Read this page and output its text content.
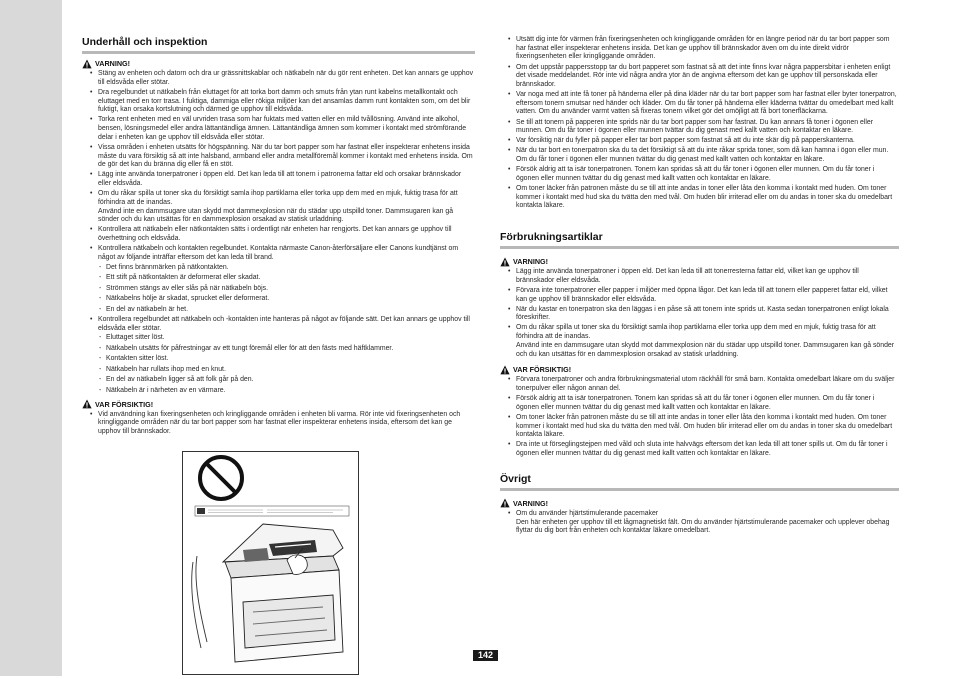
Underhåll och inspektion
VARNING!
• Stäng av enheten och datorn och dra ur grässnittskablar och nätkabeln när du gör rent enheten. Det kan annars ge upphov till eldsvåda eller stötar.
• Dra regelbundet ut nätkabeln från eluttaget för att torka bort damm och smuts från ytan runt kabelns metallkontakt och eluttaget med en torr trasa. I fuktiga, dammiga eller rökiga miljöer kan det ansamlas damm runt kontakten som, om det blir fuktigt, kan orsaka kortslutning och därmed ge upphov till eldsvåda.
• Torka rent enheten med en väl urvriden trasa som har fuktats med vatten eller en mild tvållösning. Använd inte alkohol, bensen, lösningsmedel eller andra lättantändliga ämnen. Lättantändliga ämnen som kommer i kontakt med strömförande delar i enheten kan ge upphov till eldsvåda eller stötar.
• Vissa områden i enheten utsätts för högspänning. När du tar bort papper som har fastnat eller inspekterar enhetens insida måste du vara försiktig så att inte halsband, armband eller andra metallföremål kommer i kontakt med enhetens insida. Om de gör det kan du bränna dig eller få en stöt.
• Lägg inte använda tonerpatroner i öppen eld. Det kan leda till att tonern i patronerna fattar eld och orsakar brännskador eller eldsvåda.
• Om du råkar spilla ut toner ska du försiktigt samla ihop partiklarna eller torka upp dem med en mjuk, fuktig trasa för att förhindra att de inandas.
Använd inte en dammsugare utan skydd mot dammexplosion när du städar upp utspilld toner. Dammsugaren kan gå sönder och du kan utsättas för en dammexplosion orsakad av statisk urladdning.
• Kontrollera att nätkabeln eller nätkontakten sätts i ordentligt när enheten har rengjorts. Det kan annars ge upphov till överhettning och eldsvåda.
• Kontrollera nätkabeln och kontakten regelbundet. Kontakta närmaste Canon-återförsäljare eller Canons kundtjänst om något av följande inträffar eftersom det kan leda till brand.
- Det finns brännmärken på nätkontakten.
- Ett stift på nätkontakten är deformerat eller skadat.
- Strömmen stängs av eller slås på när nätkabeln böjs.
- Nätkabelns hölje är skadat, sprucket eller deformerat.
- En del av nätkabeln är het.
• Kontrollera regelbundet att nätkabeln och -kontakten inte hanteras på något av följande sätt. Det kan annars ge upphov till eldsvåda eller stötar.
- Eluttaget sitter löst.
- Nätkabeln utsätts för påfrestningar av ett tungt föremål eller för att den fästs med häftklammer.
- Kontakten sitter löst.
- Nätkabeln har rullats ihop med en knut.
- En del av nätkabeln ligger så att folk går på den.
- Nätkabeln är i närheten av en värmare.
VAR FÖRSIKTIG!
• Vid användning kan fixeringsenheten och kringliggande områden i enheten bli varma. Rör inte vid fixeringsenheten och kringliggande områden när du tar bort papper som har fastnat eller inspekterar enhetens insida, eftersom det kan ge upphov till brännskador.
• Utsätt dig inte för värmen från fixeringsenheten och kringliggande områden för en längre period när du tar bort papper som har fastnat eller inspekterar enhetens insida. Det kan ge upphov till brännskador även om du inte direkt vidrör fixeringsenheten eller kringliggande områden.
• Om det uppstår pappersstopp tar du bort papperet som fastnat så att det inte finns kvar några pappersbitar i enheten enligt det visade meddelandet. Rör inte vid några andra ytor än de angivna eftersom det kan ge upphov till personskada eller brännskador.
• Var noga med att inte få toner på händerna eller på dina kläder när du tar bort papper som har fastnat eller byter tonerpatron, eftersom tonern smutsar ned händer och kläder. Om du får toner på händerna eller kläderna tvättar du omedelbart med kallt vatten. Om du använder varmt vatten så fixeras tonern vilket gör det omöjligt att få bort tonerfläckarna.
• Se till att tonern på papperen inte sprids när du tar bort papper som har fastnat. Du kan annars få toner i ögonen eller munnen. Om du får toner i ögonen eller munnen tvättar du dig genast med kallt vatten och kontaktar en läkare.
• Var försiktig när du fyller på papper eller tar bort papper som fastnat så att du inte skär dig på papperskanterna.
• När du tar bort en tonerpatron ska du ta det försiktigt så att du inte råkar sprida toner, som då kan hamna i ögon eller mun. Om du får toner i ögonen eller munnen tvättar du dig genast med kallt vatten och kontaktar en läkare.
• Försök aldrig att ta isär tonerpatronen. Tonern kan spridas så att du får toner i ögonen eller munnen. Om du får toner i ögonen eller munnen tvättar du dig genast med kallt vatten och kontaktar en läkare.
• Om toner läcker från patronen måste du se till att inte andas in toner eller låta den komma i kontakt med huden. Om toner kommer i kontakt med hud ska du tvätta den med tvål. Om huden blir irriterad eller om du andas in toner ska du omedelbart kontakta läkare.
Förbrukningsartiklar
VARNING!
• Lägg inte använda tonerpatroner i öppen eld. Det kan leda till att tonerresterna fattar eld, vilket kan ge upphov till brännskador eller eldsvåda.
• Förvara inte tonerpatroner eller papper i miljöer med öppna lågor. Det kan leda till att tonern eller papperet fattar eld, vilket kan ge upphov till brännskador eller eldsvåda.
• När du kastar en tonerpatron ska den läggas i en påse så att tonern inte sprids ut. Kasta sedan tonerpatronen enligt lokala föreskrifter.
• Om du råkar spilla ut toner ska du försiktigt samla ihop partiklarna eller torka upp dem med en mjuk, fuktig trasa för att förhindra att de inandas.
Använd inte en dammsugare utan skydd mot dammexplosion när du städar upp utspilld toner. Dammsugaren kan gå sönder och du kan utsättas för en dammexplosion orsakad av statisk urladdning.
VAR FÖRSIKTIG!
• Förvara tonerpatroner och andra förbrukningsmaterial utom räckhåll för små barn. Kontakta omedelbart läkare om du sväljer tonerpulver eller någon annan del.
• Försök aldrig att ta isär tonerpatronen. Tonern kan spridas så att du får toner i ögonen eller munnen. Om du får toner i ögonen eller munnen tvättar du dig genast med kallt vatten och kontaktar en läkare.
• Om toner läcker från patronen måste du se till att inte andas in toner eller låta den komma i kontakt med huden. Om toner kommer i kontakt med hud ska du tvätta den med tvål. Om huden blir irriterad eller om du andas in toner ska du omedelbart kontakta läkare.
• Dra inte ut förseglingstejpen med våld och sluta inte halvvägs eftersom det kan leda till att toner spills ut. Om du får toner i ögonen eller munnen tvättar du dig genast med kallt vatten och kontaktar en läkare.
Övrigt
VARNING!
• Om du använder hjärtstimulerande pacemaker
Den här enheten ger upphov till ett lågmagnetiskt fält. Om du använder hjärtstimulerande pacemaker och upplever obehag flyttar du dig bort från enheten och kontaktar läkare omedelbart.
142
